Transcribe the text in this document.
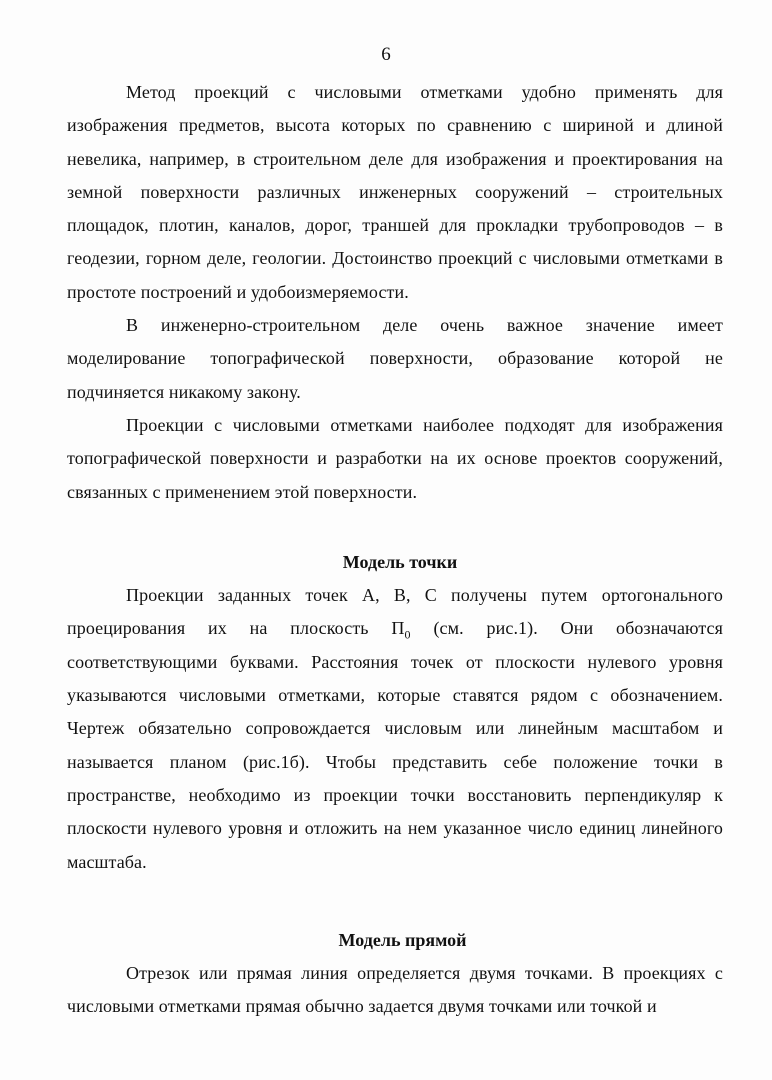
6

Метод проекций с числовыми отметками удобно применять для изображения предметов, высота которых по сравнению с шириной и длиной невелика, например, в строительном деле для изображения и проектирования на земной поверхности различных инженерных сооружений – строительных площадок, плотин, каналов, дорог, траншей для прокладки трубопроводов – в геодезии, горном деле, геологии. Достоинство проекций с числовыми отметками в простоте построений и удобоизмеряемости.

В инженерно-строительном деле очень важное значение имеет моделирование топографической поверхности, образование которой не подчиняется никакому закону.

Проекции с числовыми отметками наиболее подходят для изображения топографической поверхности и разработки на их основе проектов сооружений, связанных с применением этой поверхности.

Модель точки

Проекции заданных точек А, В, С получены путем ортогонального проецирования их на плоскость $П_0$ (см. рис.1). Они обозначаются соответствующими буквами. Расстояния точек от плоскости нулевого уровня указываются числовыми отметками, которые ставятся рядом с обозначением. Чертеж обязательно сопровождается числовым или линейным масштабом и называется планом (рис.1б). Чтобы представить себе положение точки в пространстве, необходимо из проекции точки восстановить перпендикуляр к плоскости нулевого уровня и отложить на нем указанное число единиц линейного масштаба.

Модель прямой

Отрезок или прямая линия определяется двумя точками. В проекциях с числовыми отметками прямая обычно задается двумя точками или точкой и
